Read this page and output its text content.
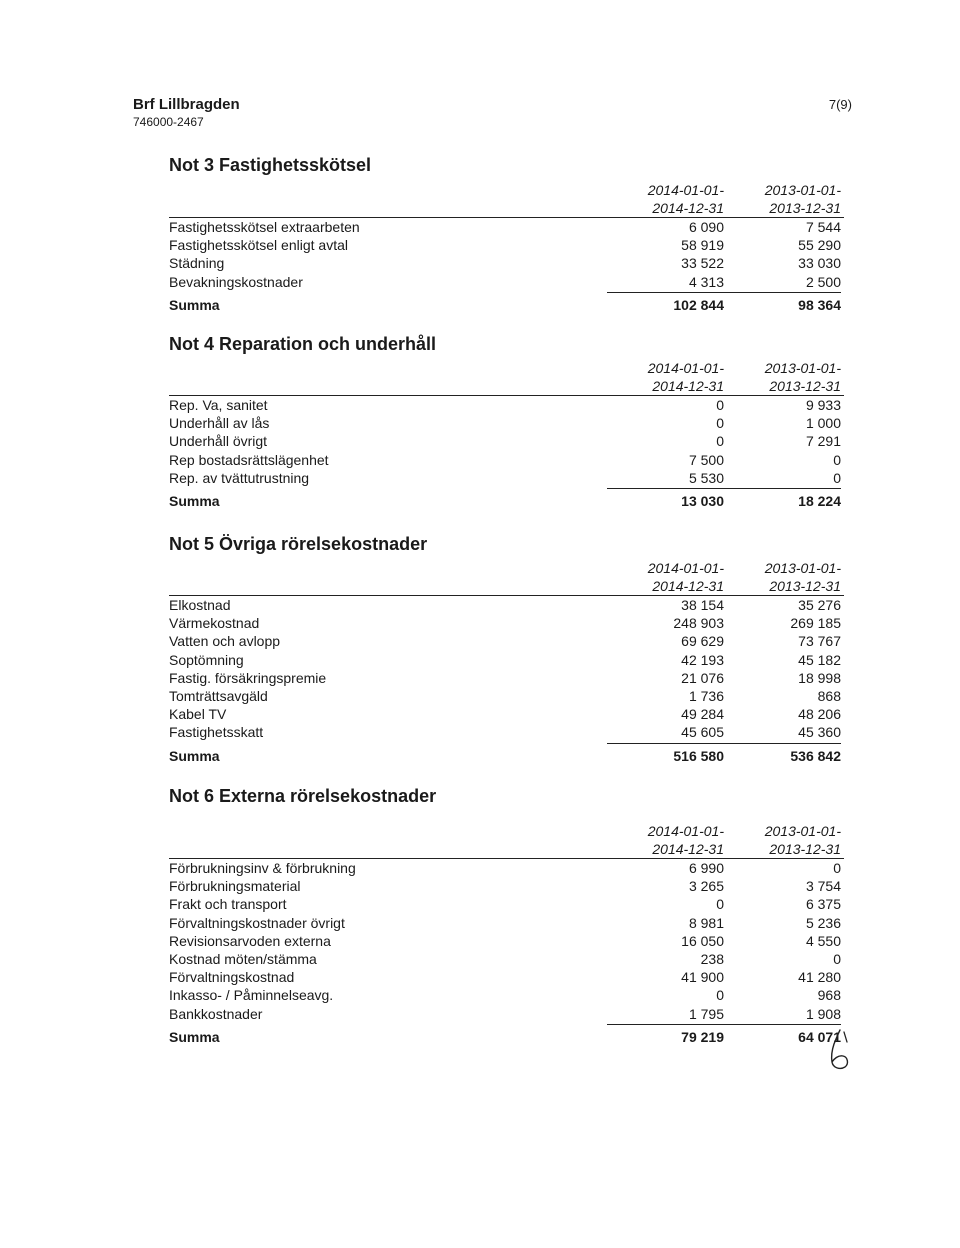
Brf Lillbragden
746000-2467
7(9)
Not 3 Fastighetsskötsel
2014-01-01-
2014-12-31
2013-01-01-
2013-12-31
Fastighetsskötsel extraarbeten	6 090	7 544
Fastighetsskötsel enligt avtal	58 919	55 290
Städning	33 522	33 030
Bevakningskostnader	4 313	2 500
Summa	102 844	98 364
Not 4 Reparation och underhåll
2014-01-01-
2014-12-31
2013-01-01-
2013-12-31
Rep. Va, sanitet	0	9 933
Underhåll av lås	0	1 000
Underhåll övrigt	0	7 291
Rep bostadsrättslägenhet	7 500	0
Rep. av tvättutrustning	5 530	0
Summa	13 030	18 224
Not 5 Övriga rörelsekostnader
2014-01-01-
2014-12-31
2013-01-01-
2013-12-31
Elkostnad	38 154	35 276
Värmekostnad	248 903	269 185
Vatten och avlopp	69 629	73 767
Soptömning	42 193	45 182
Fastig. försäkringspremie	21 076	18 998
Tomträttsavgäld	1 736	868
Kabel TV	49 284	48 206
Fastighetsskatt	45 605	45 360
Summa	516 580	536 842
Not 6 Externa rörelsekostnader
2014-01-01-
2014-12-31
2013-01-01-
2013-12-31
Förbrukningsinv & förbrukning	6 990	0
Förbrukningsmaterial	3 265	3 754
Frakt och transport	0	6 375
Förvaltningskostnader övrigt	8 981	5 236
Revisionsarvoden externa	16 050	4 550
Kostnad möten/stämma	238	0
Förvaltningskostnad	41 900	41 280
Inkasso- / Påminnelseavg.	0	968
Bankkostnader	1 795	1 908
Summa	79 219	64 071
